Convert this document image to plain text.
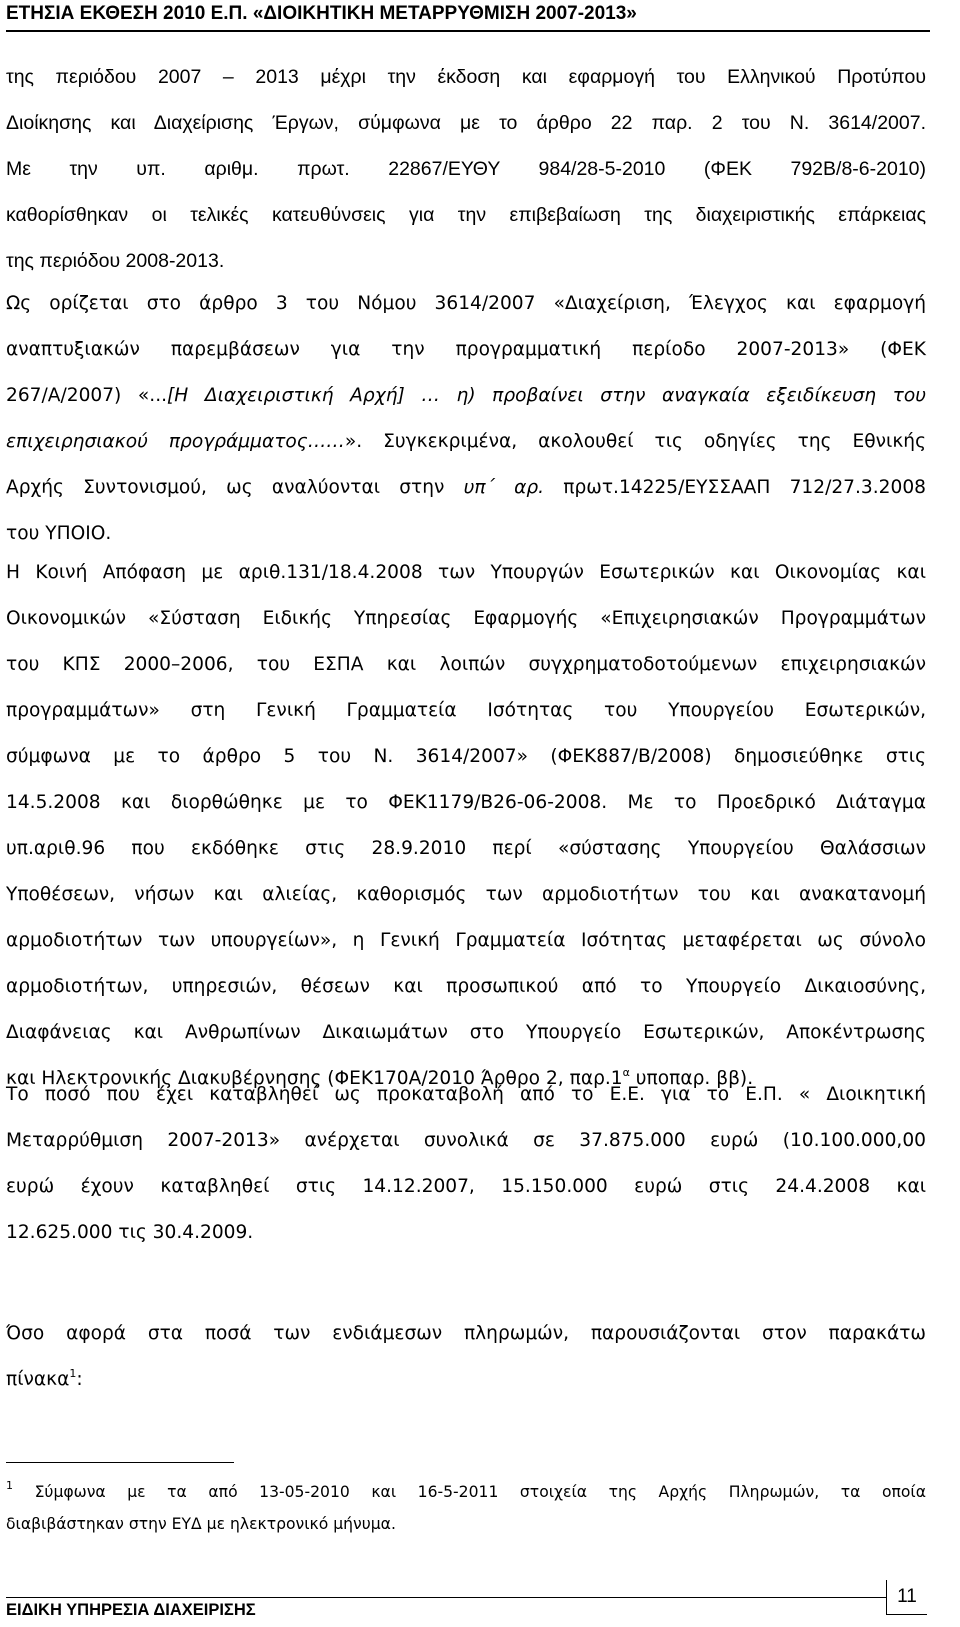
ΕΤΗΣΙΑ ΕΚΘΕΣΗ 2010 Ε.Π. «ΔΙΟΙΚΗΤΙΚΗ ΜΕΤΑΡΡΥΘΜΙΣΗ 2007-2013»
της περιόδου 2007 – 2013 μέχρι την έκδοση και εφαρμογή του Ελληνικού Προτύπου
Διοίκησης και Διαχείρισης Έργων, σύμφωνα με το άρθρο 22 παρ. 2 του Ν. 3614/2007.
Με την υπ. αριθμ. πρωτ. 22867/ΕΥΘΥ 984/28-5-2010 (ΦΕΚ 792Β/8-6-2010)
καθορίσθηκαν οι τελικές κατευθύνσεις για την επιβεβαίωση της διαχειριστικής επάρκειας
της περιόδου 2008-2013.
Ως ορίζεται στο άρθρο 3 του Νόμου 3614/2007 «Διαχείριση, Έλεγχος και εφαρμογή
αναπτυξιακών παρεμβάσεων για την προγραμματική περίοδο 2007-2013» (ΦΕΚ
267/Α/2007) «...[Η Διαχειριστική Αρχή] … η) προβαίνει στην αναγκαία εξειδίκευση του
επιχειρησιακού προγράμματος……». Συγκεκριμένα, ακολουθεί τις οδηγίες της Εθνικής
Αρχής Συντονισμού, ως αναλύονται στην υπ΄ αρ. πρωτ.14225/ΕΥΣΣΑΑΠ 712/27.3.2008
του ΥΠΟΙΟ.
Η Κοινή Απόφαση με αριθ.131/18.4.2008 των Υπουργών Εσωτερικών και Οικονομίας και
Οικονομικών «Σύσταση Ειδικής Υπηρεσίας Εφαρμογής «Επιχειρησιακών Προγραμμάτων
του ΚΠΣ 2000–2006, του ΕΣΠΑ και λοιπών συγχρηματοδοτούμενων επιχειρησιακών
προγραμμάτων» στη Γενική Γραμματεία Ισότητας του Υπουργείου Εσωτερικών,
σύμφωνα με το άρθρο 5 του Ν. 3614/2007» (ΦΕΚ887/Β/2008) δημοσιεύθηκε στις
14.5.2008 και διορθώθηκε με το ΦΕΚ1179/Β26-06-2008. Με το Προεδρικό Διάταγμα
υπ.αριθ.96 που εκδόθηκε στις 28.9.2010 περί «σύστασης Υπουργείου Θαλάσσιων
Υποθέσεων, νήσων και αλιείας, καθορισμός των αρμοδιοτήτων του και ανακατανομή
αρμοδιοτήτων των υπουργείων», η Γενική Γραμματεία Ισότητας μεταφέρεται ως σύνολο
αρμοδιοτήτων, υπηρεσιών, θέσεων και προσωπικού από το Υπουργείο Δικαιοσύνης,
Διαφάνειας και Ανθρωπίνων Δικαιωμάτων στο Υπουργείο Εσωτερικών, Αποκέντρωσης
και Ηλεκτρονικής Διακυβέρνησης (ΦΕΚ170Α/2010 Άρθρο 2, $\pi\alpha\rho.1^\alpha$ υποπαρ. ββ).
Το ποσό που έχει καταβληθεί ως προκαταβολή από το Ε.Ε. για το Ε.Π. « Διοικητική
Μεταρρύθμιση 2007-2013» ανέρχεται συνολικά σε 37.875.000 ευρώ (10.100.000,00
ευρώ έχουν καταβληθεί στις 14.12.2007, 15.150.000 ευρώ στις 24.4.2008 και
12.625.000 τις 30.4.2009.
Όσο αφορά στα ποσά των ενδιάμεσων πληρωμών, παρουσιάζονται στον παρακάτω
πίνακα$^1$:
$^1$ Σύμφωνα με τα από 13-05-2010 και 16-5-2011 στοιχεία της Αρχής Πληρωμών, τα οποία
διαβιβάστηκαν στην ΕΥΔ με ηλεκτρονικό μήνυμα.
ΕΙΔΙΚΗ ΥΠΗΡΕΣΙΑ ΔΙΑΧΕΙΡΙΣΗΣ
11
